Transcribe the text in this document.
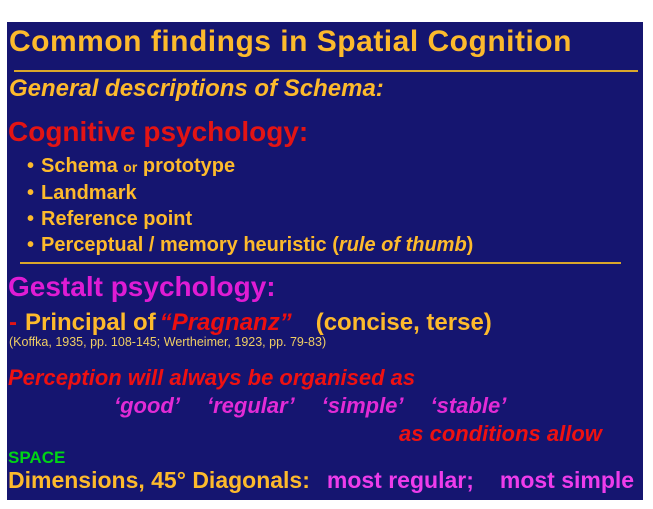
Common findings in Spatial Cognition
General descriptions of Schema:
Cognitive psychology:
• Schema or prototype
• Landmark
• Reference point
• Perceptual / memory heuristic (rule of thumb)
Gestalt psychology:
- Principal of “Pragnanz” (concise, terse)
(Koffka, 1935, pp. 108-145; Wertheimer, 1923, pp. 79-83)
Perception will always be organised as
‘good’ ‘regular’ ‘simple’ ‘stable’
as conditions allow
SPACE
Dimensions, 45° Diagonals: most regular; most simple
